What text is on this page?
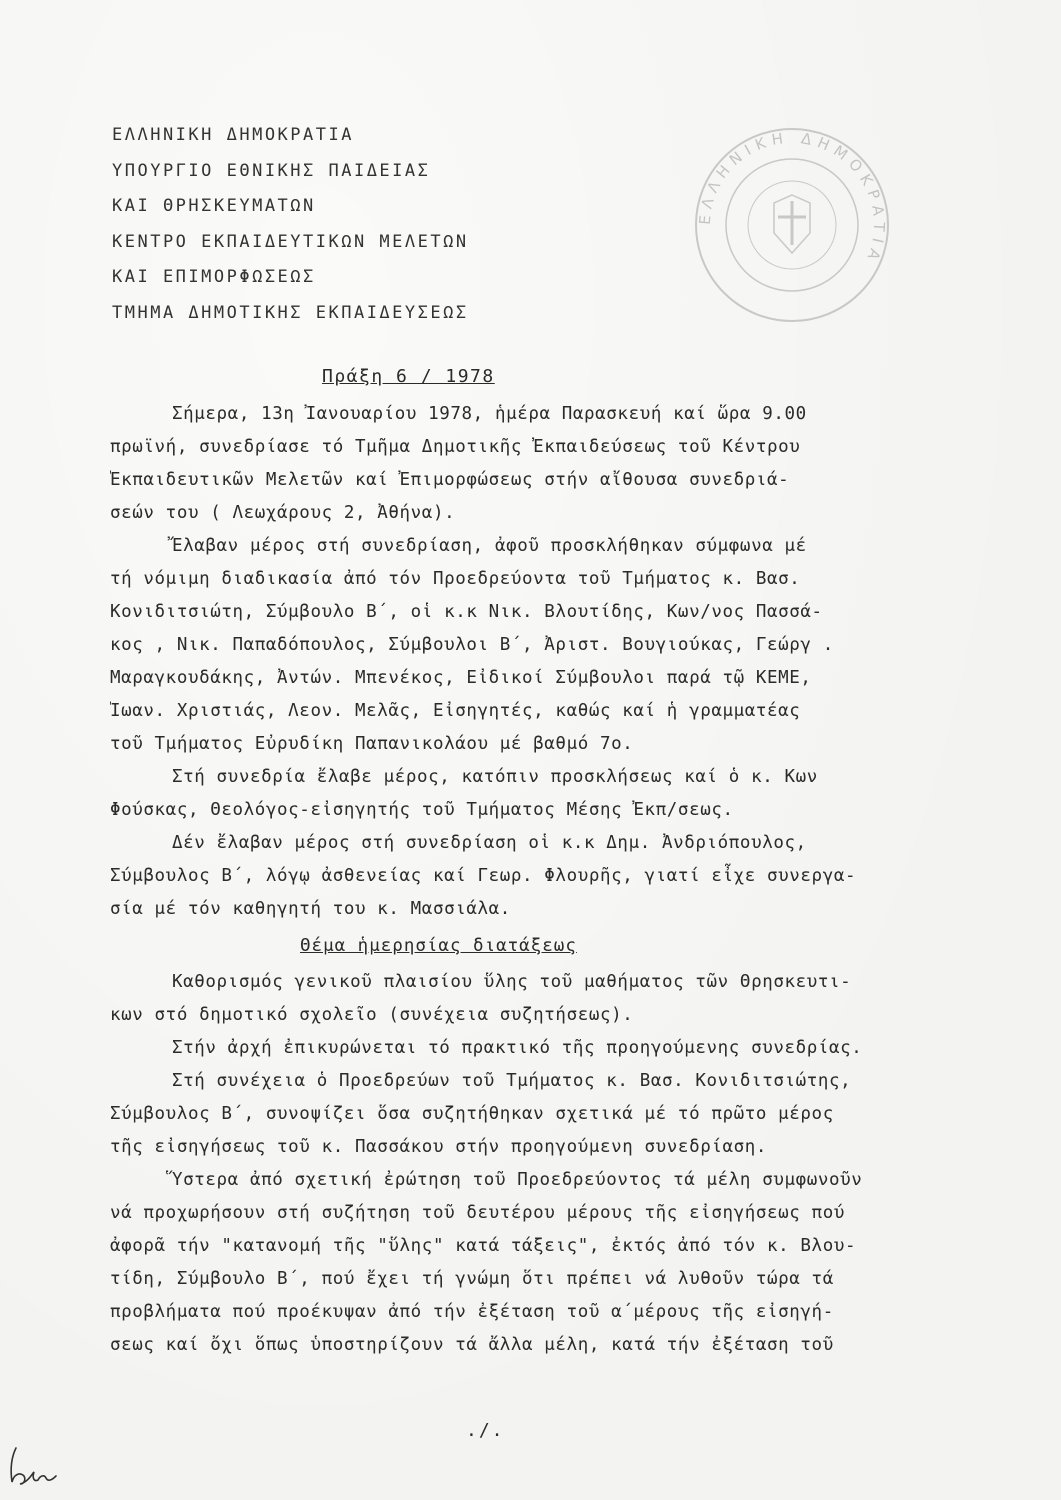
ΕΛΛΗΝΙΚΗ ΔΗΜΟΚΡΑΤΙΑ
ΥΠΟΥΡΓΙΟ ΕΘΝΙΚΗΣ ΠΑΙΔΕΙΑΣ
ΚΑΙ ΘΡΗΣΚΕΥΜΑΤΩΝ
ΚΕΝΤΡΟ ΕΚΠΑΙΔΕΥΤΙΚΩΝ ΜΕΛΕΤΩΝ
ΚΑΙ ΕΠΙΜΟΡΦΩΣΕΩΣ
ΤΜΗΜΑ ΔΗΜΟΤΙΚΗΣ ΕΚΠΑΙΔΕΥΣΕΩΣ
ΕΛΛΗΝΙΚΗ ΔΗΜΟΚΡΑΤΙΑ
Πράξη 6 / 1978
Σήμερα, 13η Ἰανουαρίου 1978, ἡμέρα Παρασκευή καί ὥρα 9.00
πρωϊνή, συνεδρίασε τό Τμῆμα Δημοτικῆς Ἐκπαιδεύσεως τοῦ Κέντρου
Ἐκπαιδευτικῶν Μελετῶν καί Ἐπιμορφώσεως στήν αἴθουσα συνεδριά-
σεών του ( Λεωχάρους 2, Ἀθήνα).
Ἔλαβαν μέρος στή συνεδρίαση, ἀφοῦ προσκλήθηκαν σύμφωνα μέ
τή νόμιμη διαδικασία ἀπό τόν Προεδρεύοντα τοῦ Τμήματος κ. Βασ.
Κονιδιτσιώτη, Σύμβουλο Β΄, οἱ κ.κ Νικ. Βλουτίδης, Κων/νος Πασσά-
κος , Νικ. Παπαδόπουλος, Σύμβουλοι Β΄, Ἀριστ. Βουγιούκας, Γεώργ .
Μαραγκουδάκης, Ἀντών. Μπενέκος, Εἰδικοί Σύμβουλοι παρά τῷ ΚΕΜΕ,
Ἰωαν. Χριστιάς, Λεον. Μελᾶς, Εἰσηγητές, καθώς καί ἡ γραμματέας
τοῦ Τμήματος Εὐρυδίκη Παπανικολάου μέ βαθμό 7ο.
Στή συνεδρία ἔλαβε μέρος, κατόπιν προσκλήσεως καί ὁ κ. Κων
Φούσκας, Θεολόγος-εἰσηγητής τοῦ Τμήματος Μέσης Ἐκπ/σεως.
Δέν ἔλαβαν μέρος στή συνεδρίαση οἱ κ.κ Δημ. Ἀνδριόπουλος,
Σύμβουλος Β΄, λόγῳ ἀσθενείας καί Γεωρ. Φλουρῆς, γιατί εἶχε συνεργα-
σία μέ τόν καθηγητή του κ. Μασσιάλα.
Θέμα ἡμερησίας διατάξεως
Καθορισμός γενικοῦ πλαισίου ὕλης τοῦ μαθήματος τῶν Θρησκευτι-
κων στό δημοτικό σχολεῖο (συνέχεια συζητήσεως).
Στήν ἀρχή ἐπικυρώνεται τό πρακτικό τῆς προηγούμενης συνεδρίας.
Στή συνέχεια ὁ Προεδρεύων τοῦ Τμήματος κ. Βασ. Κονιδιτσιώτης,
Σύμβουλος Β΄, συνοψίζει ὅσα συζητήθηκαν σχετικά μέ τό πρῶτο μέρος
τῆς εἰσηγήσεως τοῦ κ. Πασσάκου στήν προηγούμενη συνεδρίαση.
Ὕστερα ἀπό σχετική ἐρώτηση τοῦ Προεδρεύοντος τά μέλη συμφωνοῦν
νά προχωρήσουν στή συζήτηση τοῦ δευτέρου μέρους τῆς εἰσηγήσεως πού
ἀφορᾶ τήν "κατανομή τῆς "ὕλης" κατά τάξεις", ἐκτός ἀπό τόν κ. Βλου-
τίδη, Σύμβουλο Β΄, πού ἔχει τή γνώμη ὅτι πρέπει νά λυθοῦν τώρα τά
προβλήματα πού προέκυψαν ἀπό τήν ἐξέταση τοῦ α΄μέρους τῆς εἰσηγή-
σεως καί ὄχι ὅπως ὑποστηρίζουν τά ἄλλα μέλη, κατά τήν ἐξέταση τοῦ
./.
